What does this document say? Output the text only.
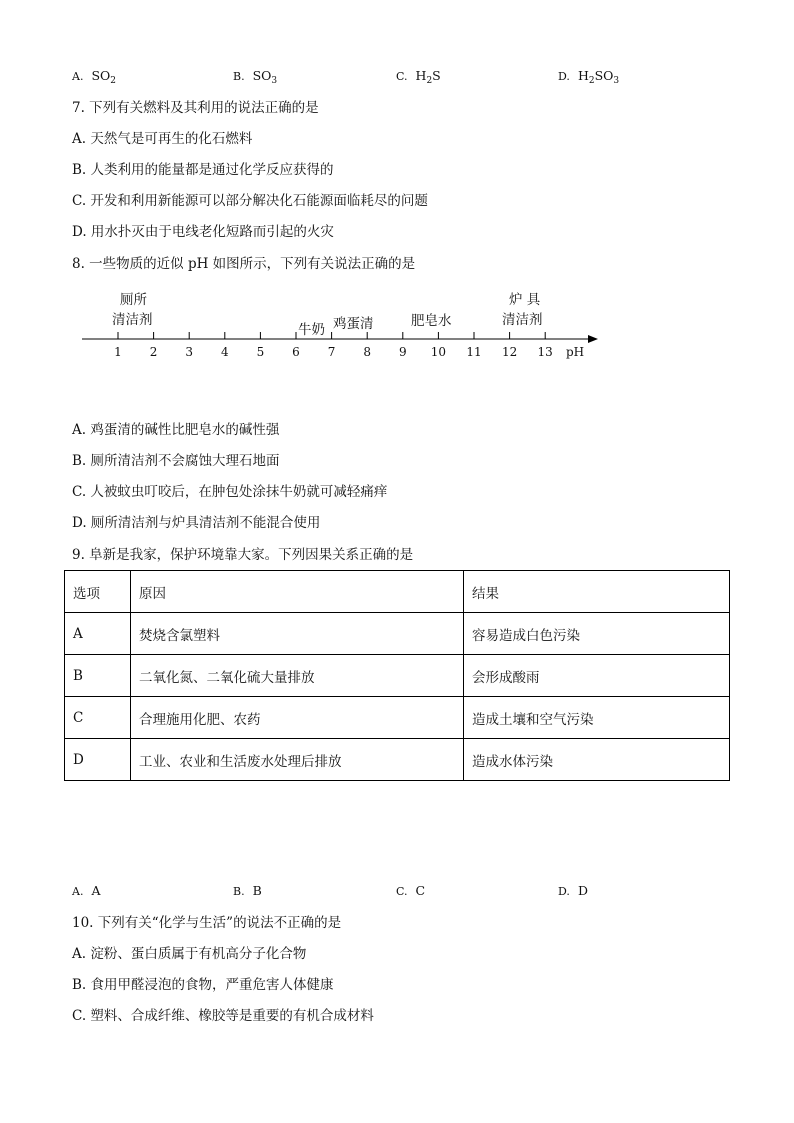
A. $SO_2$	B. $SO_3$	C. $H_2S$	D. $H_2SO_3$
7. 下列有关燃料及其利用的说法正确的是
A. 天然气是可再生的化石燃料
B. 人类利用的能量都是通过化学反应获得的
C. 开发和利用新能源可以部分解决化石能源面临耗尽的问题
D. 用水扑灭由于电线老化短路而引起的火灾
8. 一些物质的近似 pH 如图所示，下列有关说法正确的是
厕所
清洁剂
牛奶 鸡蛋清	肥皂水
炉 具
清洁剂
1	2	3	4	5	6	7	8	9	10 11 12 13 pH
A. 鸡蛋清的碱性比肥皂水的碱性强
B. 厕所清洁剂不会腐蚀大理石地面
C. 人被蚊虫叮咬后，在肿包处涂抹牛奶就可减轻痛痒
D. 厕所清洁剂与炉具清洁剂不能混合使用
9. 阜新是我家，保护环境靠大家。下列因果关系正确的是
选项	原因	结果
A	焚烧含氯塑料	容易造成白色污染
B	二氧化氮、二氧化硫大量排放	会形成酸雨
C	合理施用化肥、农药	造成土壤和空气污染
D	工业、农业和生活废水处理后排放	造成水体污染
A. A	B. B	C. C	D. D
10. 下列有关“化学与生活”的说法不正确的是
A. 淀粉、蛋白质属于有机高分子化合物
B. 食用甲醛浸泡的食物，严重危害人体健康
C. 塑料、合成纤维、橡胶等是重要的有机合成材料
